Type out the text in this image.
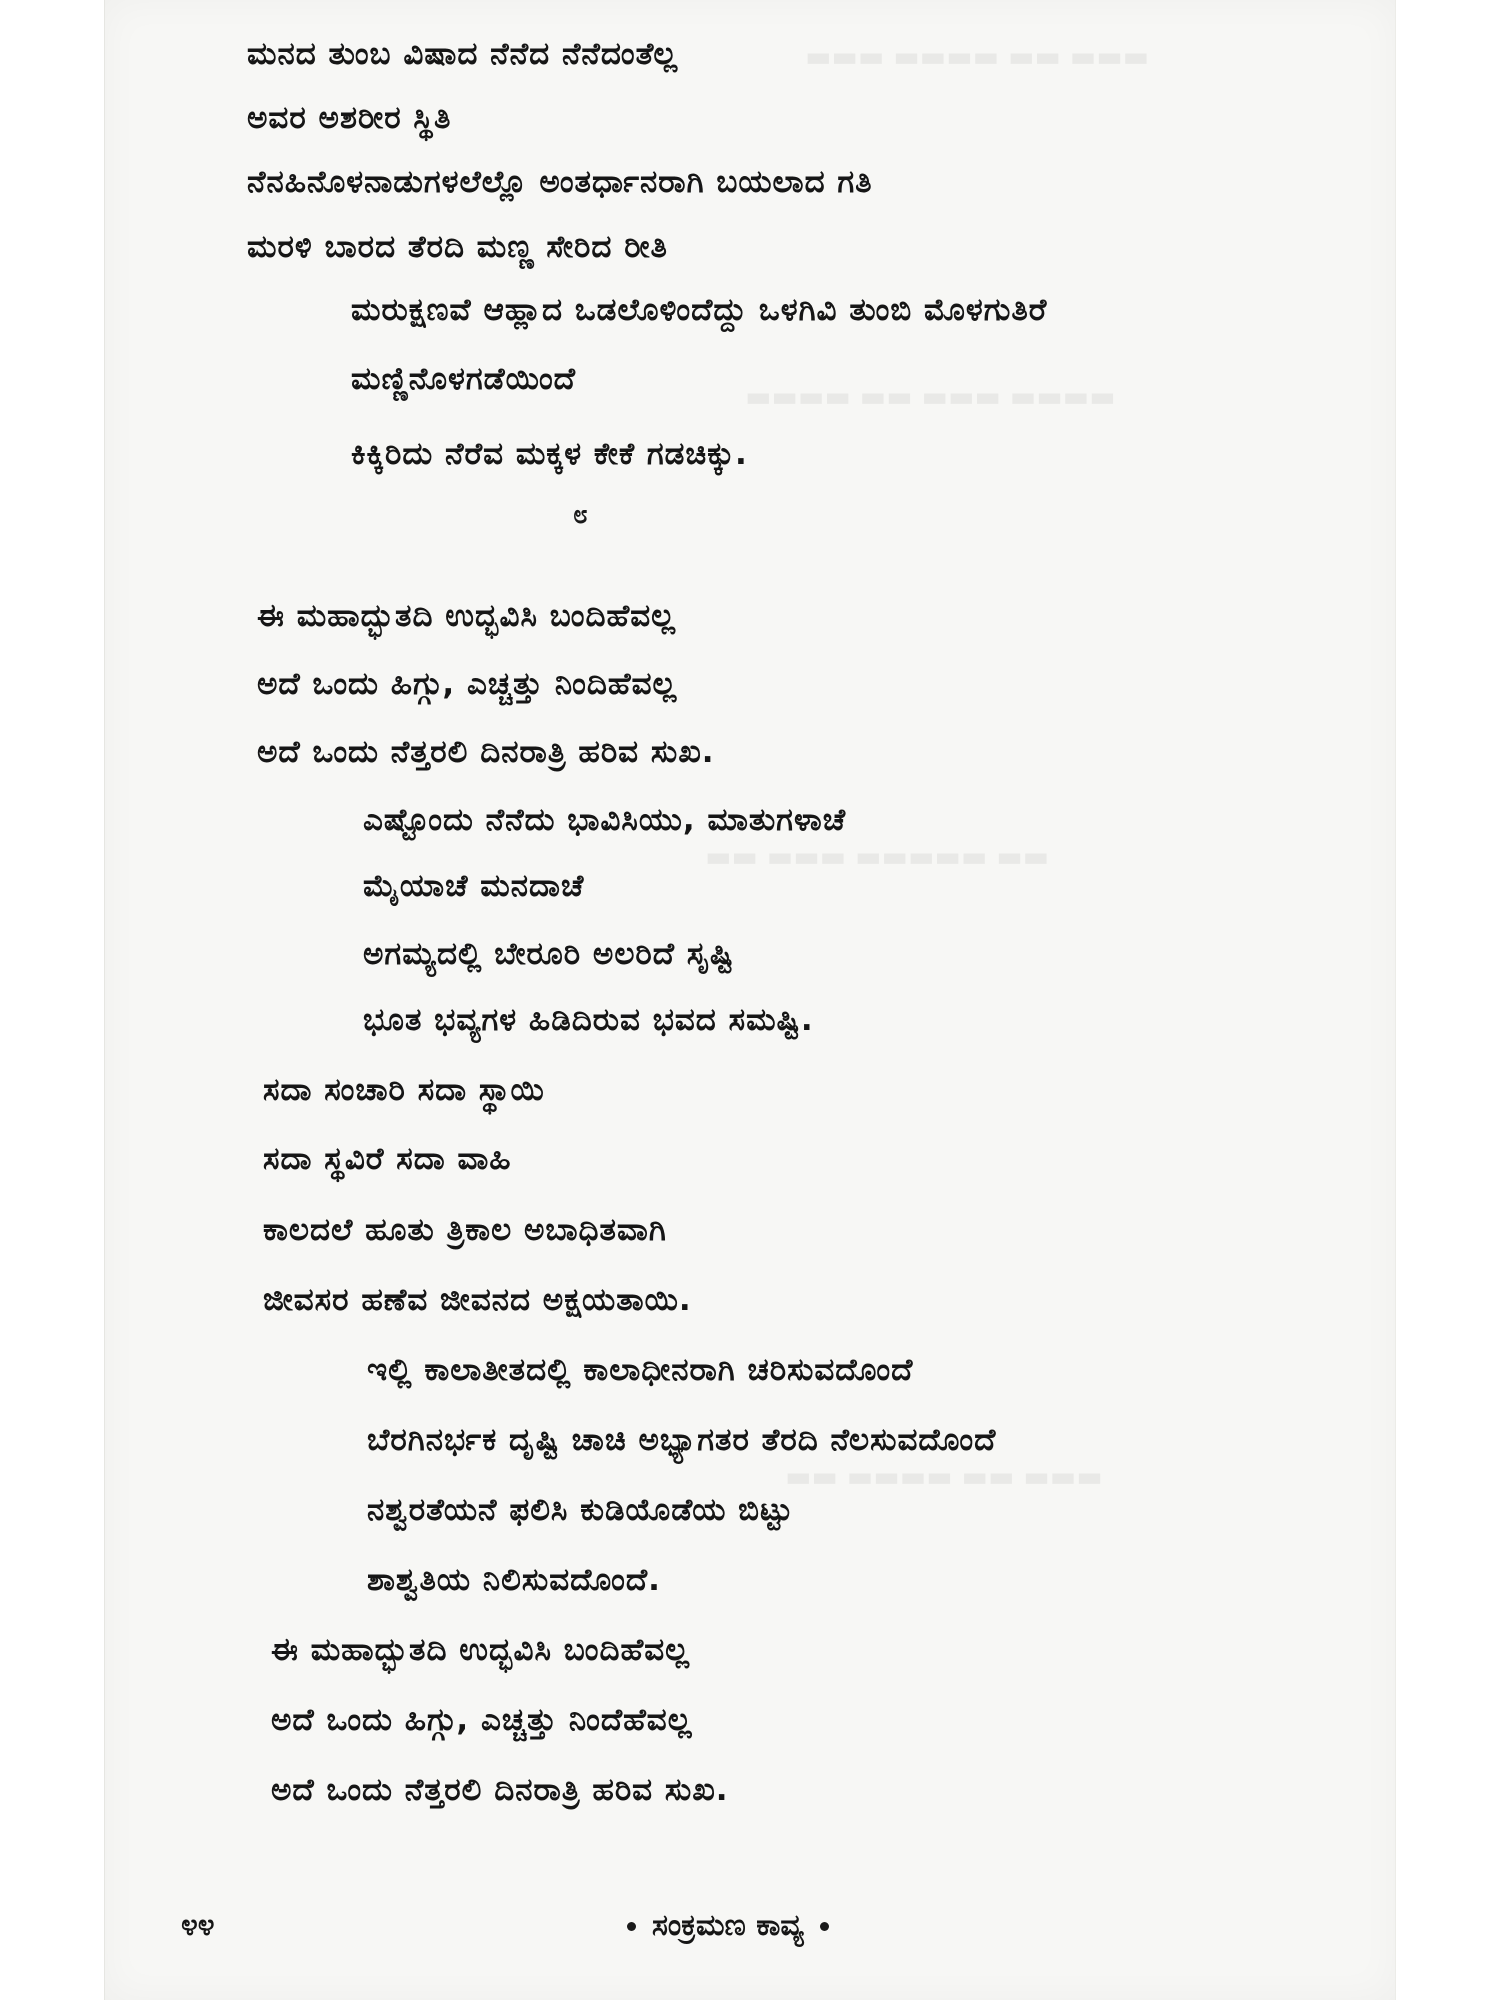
▬▬▬ ▬▬ ▬▬▬▬ ▬▬▬
▬▬▬▬ ▬▬▬ ▬▬ ▬▬▬▬
▬▬ ▬▬▬▬▬ ▬▬▬ ▬▬
▬▬▬ ▬▬ ▬▬▬▬ ▬▬
ಮನದ ತುಂಬ ವಿಷಾದ ನೆನೆದ ನೆನೆದಂತೆಲ್ಲ
ಅವರ ಅಶರೀರ ಸ್ಥಿತಿ
ನೆನಹಿನೊಳನಾಡುಗಳಲೆಲ್ಲೊ ಅಂತರ್ಧಾನರಾಗಿ ಬಯಲಾದ ಗತಿ
ಮರಳಿ ಬಾರದ ತೆರದಿ ಮಣ್ಣ ಸೇರಿದ ರೀತಿ
ಮರುಕ್ಷಣವೆ ಆಹ್ಲಾದ ಒಡಲೊಳಿಂದೆದ್ದು ಒಳಗಿವಿ ತುಂಬಿ ಮೊಳಗುತಿರೆ
ಮಣ್ಣಿನೊಳಗಡೆಯಿಂದೆ
ಕಿಕ್ಕಿರಿದು ನೆರೆವ ಮಕ್ಕಳ ಕೇಕೆ ಗಡಚಿಕ್ಕು.
೮
ಈ ಮಹಾದ್ಭುತದಿ ಉದ್ಭವಿಸಿ ಬಂದಿಹೆವಲ್ಲ
ಅದೆ ಒಂದು ಹಿಗ್ಗು, ಎಚ್ಚತ್ತು ನಿಂದಿಹೆವಲ್ಲ
ಅದೆ ಒಂದು ನೆತ್ತರಲಿ ದಿನರಾತ್ರಿ ಹರಿವ ಸುಖ.
ಎಷ್ಟೊಂದು ನೆನೆದು ಭಾವಿಸಿಯು, ಮಾತುಗಳಾಚೆ
ಮೈಯಾಚೆ ಮನದಾಚೆ
ಅಗಮ್ಯದಲ್ಲಿ ಬೇರೂರಿ ಅಲರಿದೆ ಸೃಷ್ಟಿ
ಭೂತ ಭವ್ಯಗಳ ಹಿಡಿದಿರುವ ಭವದ ಸಮಷ್ಟಿ.
ಸದಾ ಸಂಚಾರಿ ಸದಾ ಸ್ಥಾಯಿ
ಸದಾ ಸ್ಥವಿರೆ ಸದಾ ವಾಹಿ
ಕಾಲದಲೆ ಹೂತು ತ್ರಿಕಾಲ ಅಬಾಧಿತವಾಗಿ
ಜೀವಸರ ಹಣೆವ ಜೀವನದ ಅಕ್ಷಯತಾಯಿ.
ಇಲ್ಲಿ ಕಾಲಾತೀತದಲ್ಲಿ ಕಾಲಾಧೀನರಾಗಿ ಚರಿಸುವದೊಂದೆ
ಬೆರಗಿನರ್ಭಕ ದೃಷ್ಟಿ ಚಾಚಿ ಅಭ್ಯಾಗತರ ತೆರದಿ ನೆಲಸುವದೊಂದೆ
ನಶ್ವರತೆಯನೆ ಫಲಿಸಿ ಕುಡಿಯೊಡೆಯ ಬಿಟ್ಟು
ಶಾಶ್ವತಿಯ ನಿಲಿಸುವದೊಂದೆ.
ಈ ಮಹಾದ್ಭುತದಿ ಉದ್ಭವಿಸಿ ಬಂದಿಹೆವಲ್ಲ
ಅದೆ ಒಂದು ಹಿಗ್ಗು, ಎಚ್ಚತ್ತು ನಿಂದೆಹೆವಲ್ಲ
ಅದೆ ಒಂದು ನೆತ್ತರಲಿ ದಿನರಾತ್ರಿ ಹರಿವ ಸುಖ.
೪೪	ಸಂಕ್ರಮಣ ಕಾವ್ಯ
